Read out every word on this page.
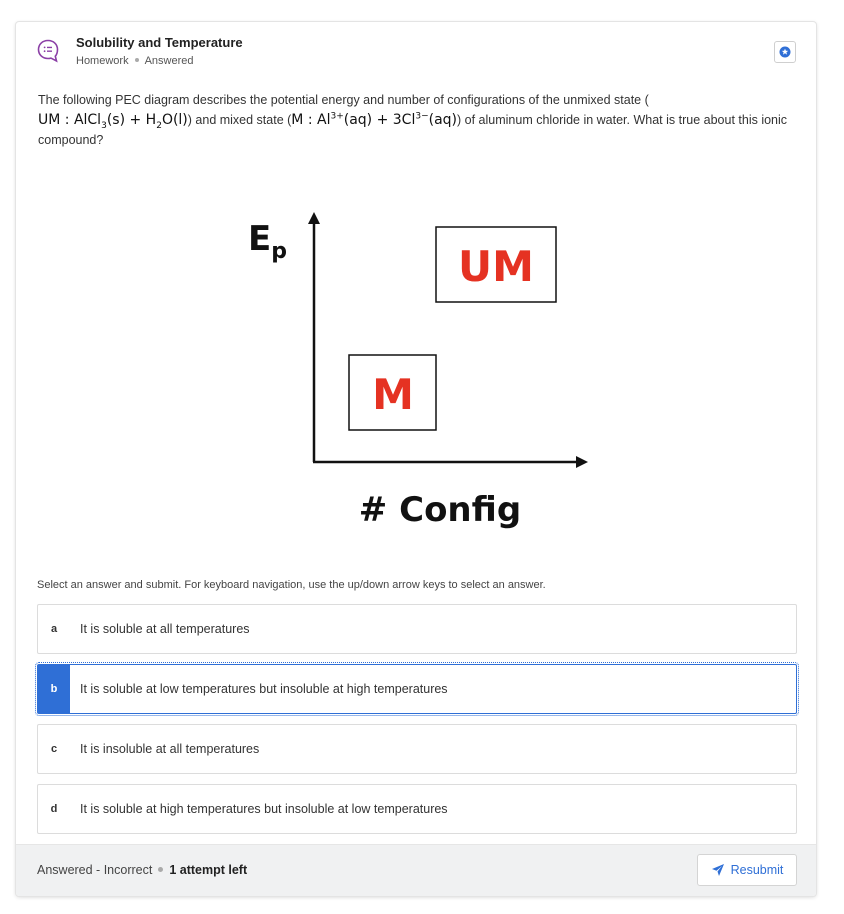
Solubility and Temperature
Homework Answered
The following PEC diagram describes the potential energy and number of configurations of the unmixed state (
UM : AlCl$_3$(s) + $H_2O(l)$) and mixed state (M : $Al^{3+}(aq) + 3Cl^{3-}(aq)$) of aluminum chloride in water. What is true about this ionic compound?
$E_p$
# Config
UM
M
Select an answer and submit. For keyboard navigation, use the up/down arrow keys to select an answer.
a	It is soluble at all temperatures
b	It is soluble at low temperatures but insoluble at high temperatures
c	It is insoluble at all temperatures
d	It is soluble at high temperatures but insoluble at low temperatures
Answered - Incorrect 1 attempt left	Resubmit
